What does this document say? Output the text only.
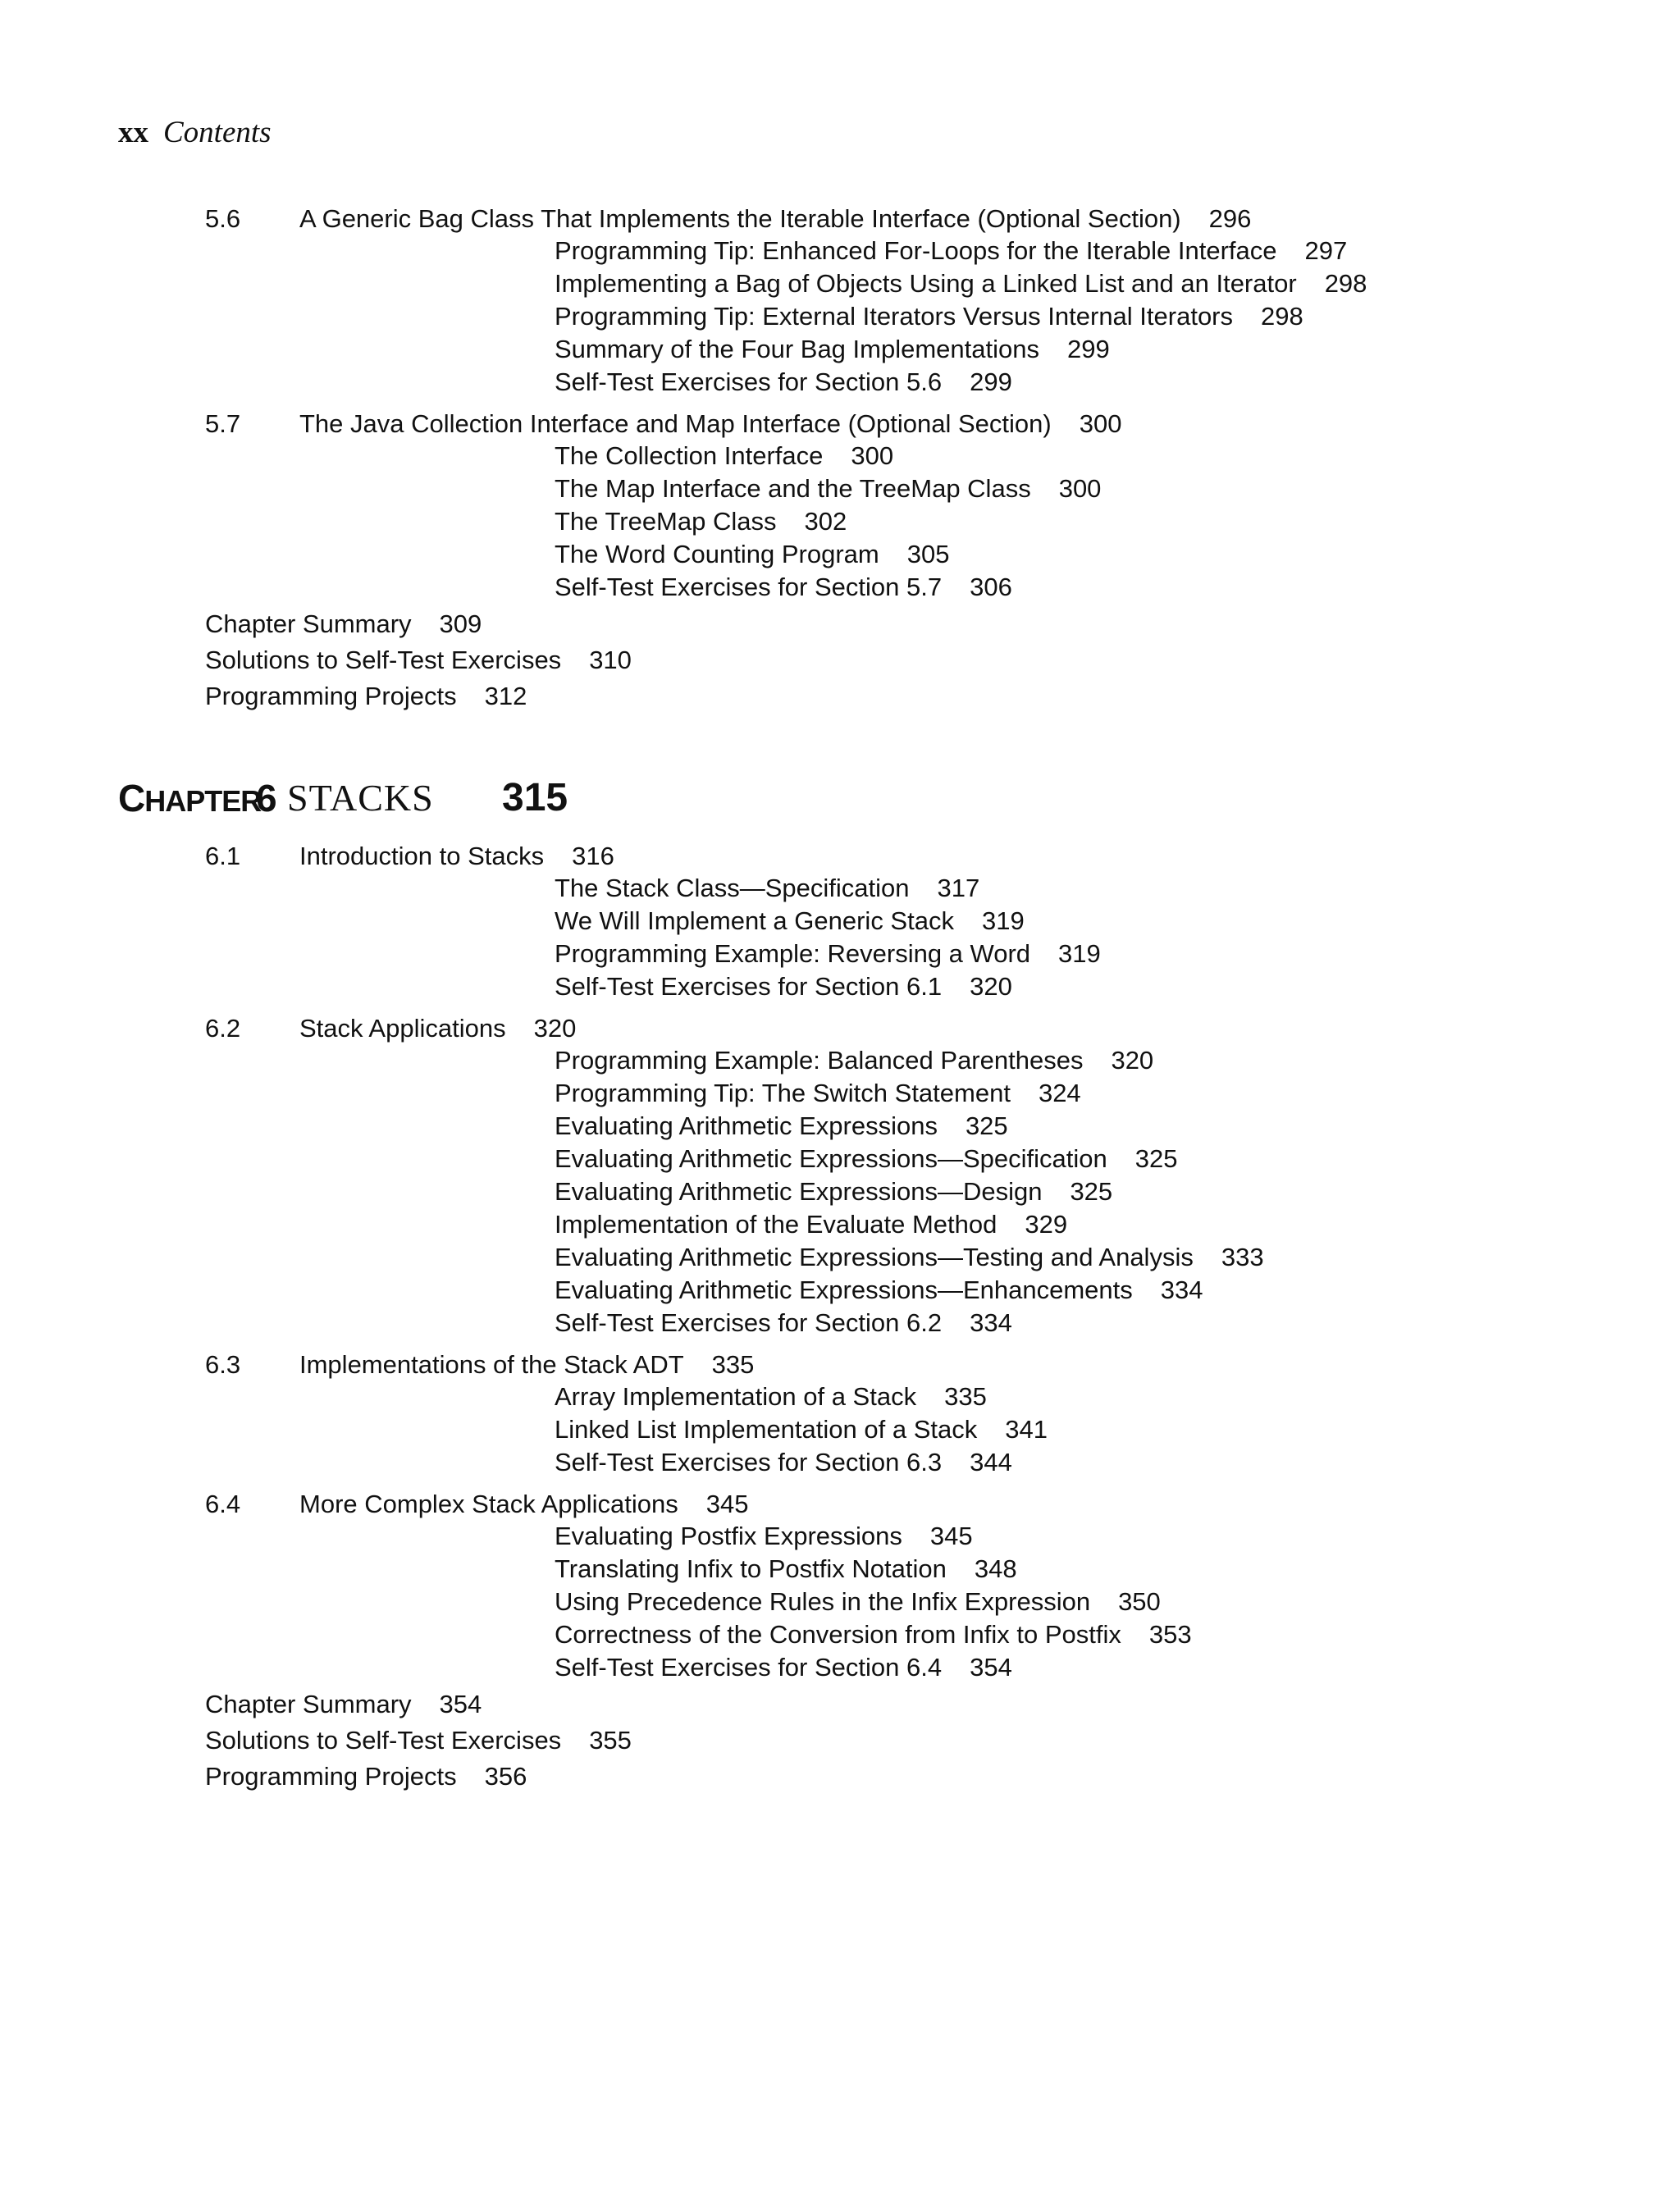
xx Contents
5.6 A Generic Bag Class That Implements the Iterable Interface (Optional Section) 296
Programming Tip: Enhanced For-Loops for the Iterable Interface 297
Implementing a Bag of Objects Using a Linked List and an Iterator 298
Programming Tip: External Iterators Versus Internal Iterators 298
Summary of the Four Bag Implementations 299
Self-Test Exercises for Section 5.6 299
5.7 The Java Collection Interface and Map Interface (Optional Section) 300
The Collection Interface 300
The Map Interface and the TreeMap Class 300
The TreeMap Class 302
The Word Counting Program 305
Self-Test Exercises for Section 5.7 306
Chapter Summary 309
Solutions to Self-Test Exercises 310
Programming Projects 312
CHAPTER
6 STACKS 315
6.1 Introduction to Stacks 316
The Stack Class—Specification 317
We Will Implement a Generic Stack 319
Programming Example: Reversing a Word 319
Self-Test Exercises for Section 6.1 320
6.2 Stack Applications 320
Programming Example: Balanced Parentheses 320
Programming Tip: The Switch Statement 324
Evaluating Arithmetic Expressions 325
Evaluating Arithmetic Expressions—Specification 325
Evaluating Arithmetic Expressions—Design 325
Implementation of the Evaluate Method 329
Evaluating Arithmetic Expressions—Testing and Analysis 333
Evaluating Arithmetic Expressions—Enhancements 334
Self-Test Exercises for Section 6.2 334
6.3 Implementations of the Stack ADT 335
Array Implementation of a Stack 335
Linked List Implementation of a Stack 341
Self-Test Exercises for Section 6.3 344
6.4 More Complex Stack Applications 345
Evaluating Postfix Expressions 345
Translating Infix to Postfix Notation 348
Using Precedence Rules in the Infix Expression 350
Correctness of the Conversion from Infix to Postfix 353
Self-Test Exercises for Section 6.4 354
Chapter Summary 354
Solutions to Self-Test Exercises 355
Programming Projects 356
